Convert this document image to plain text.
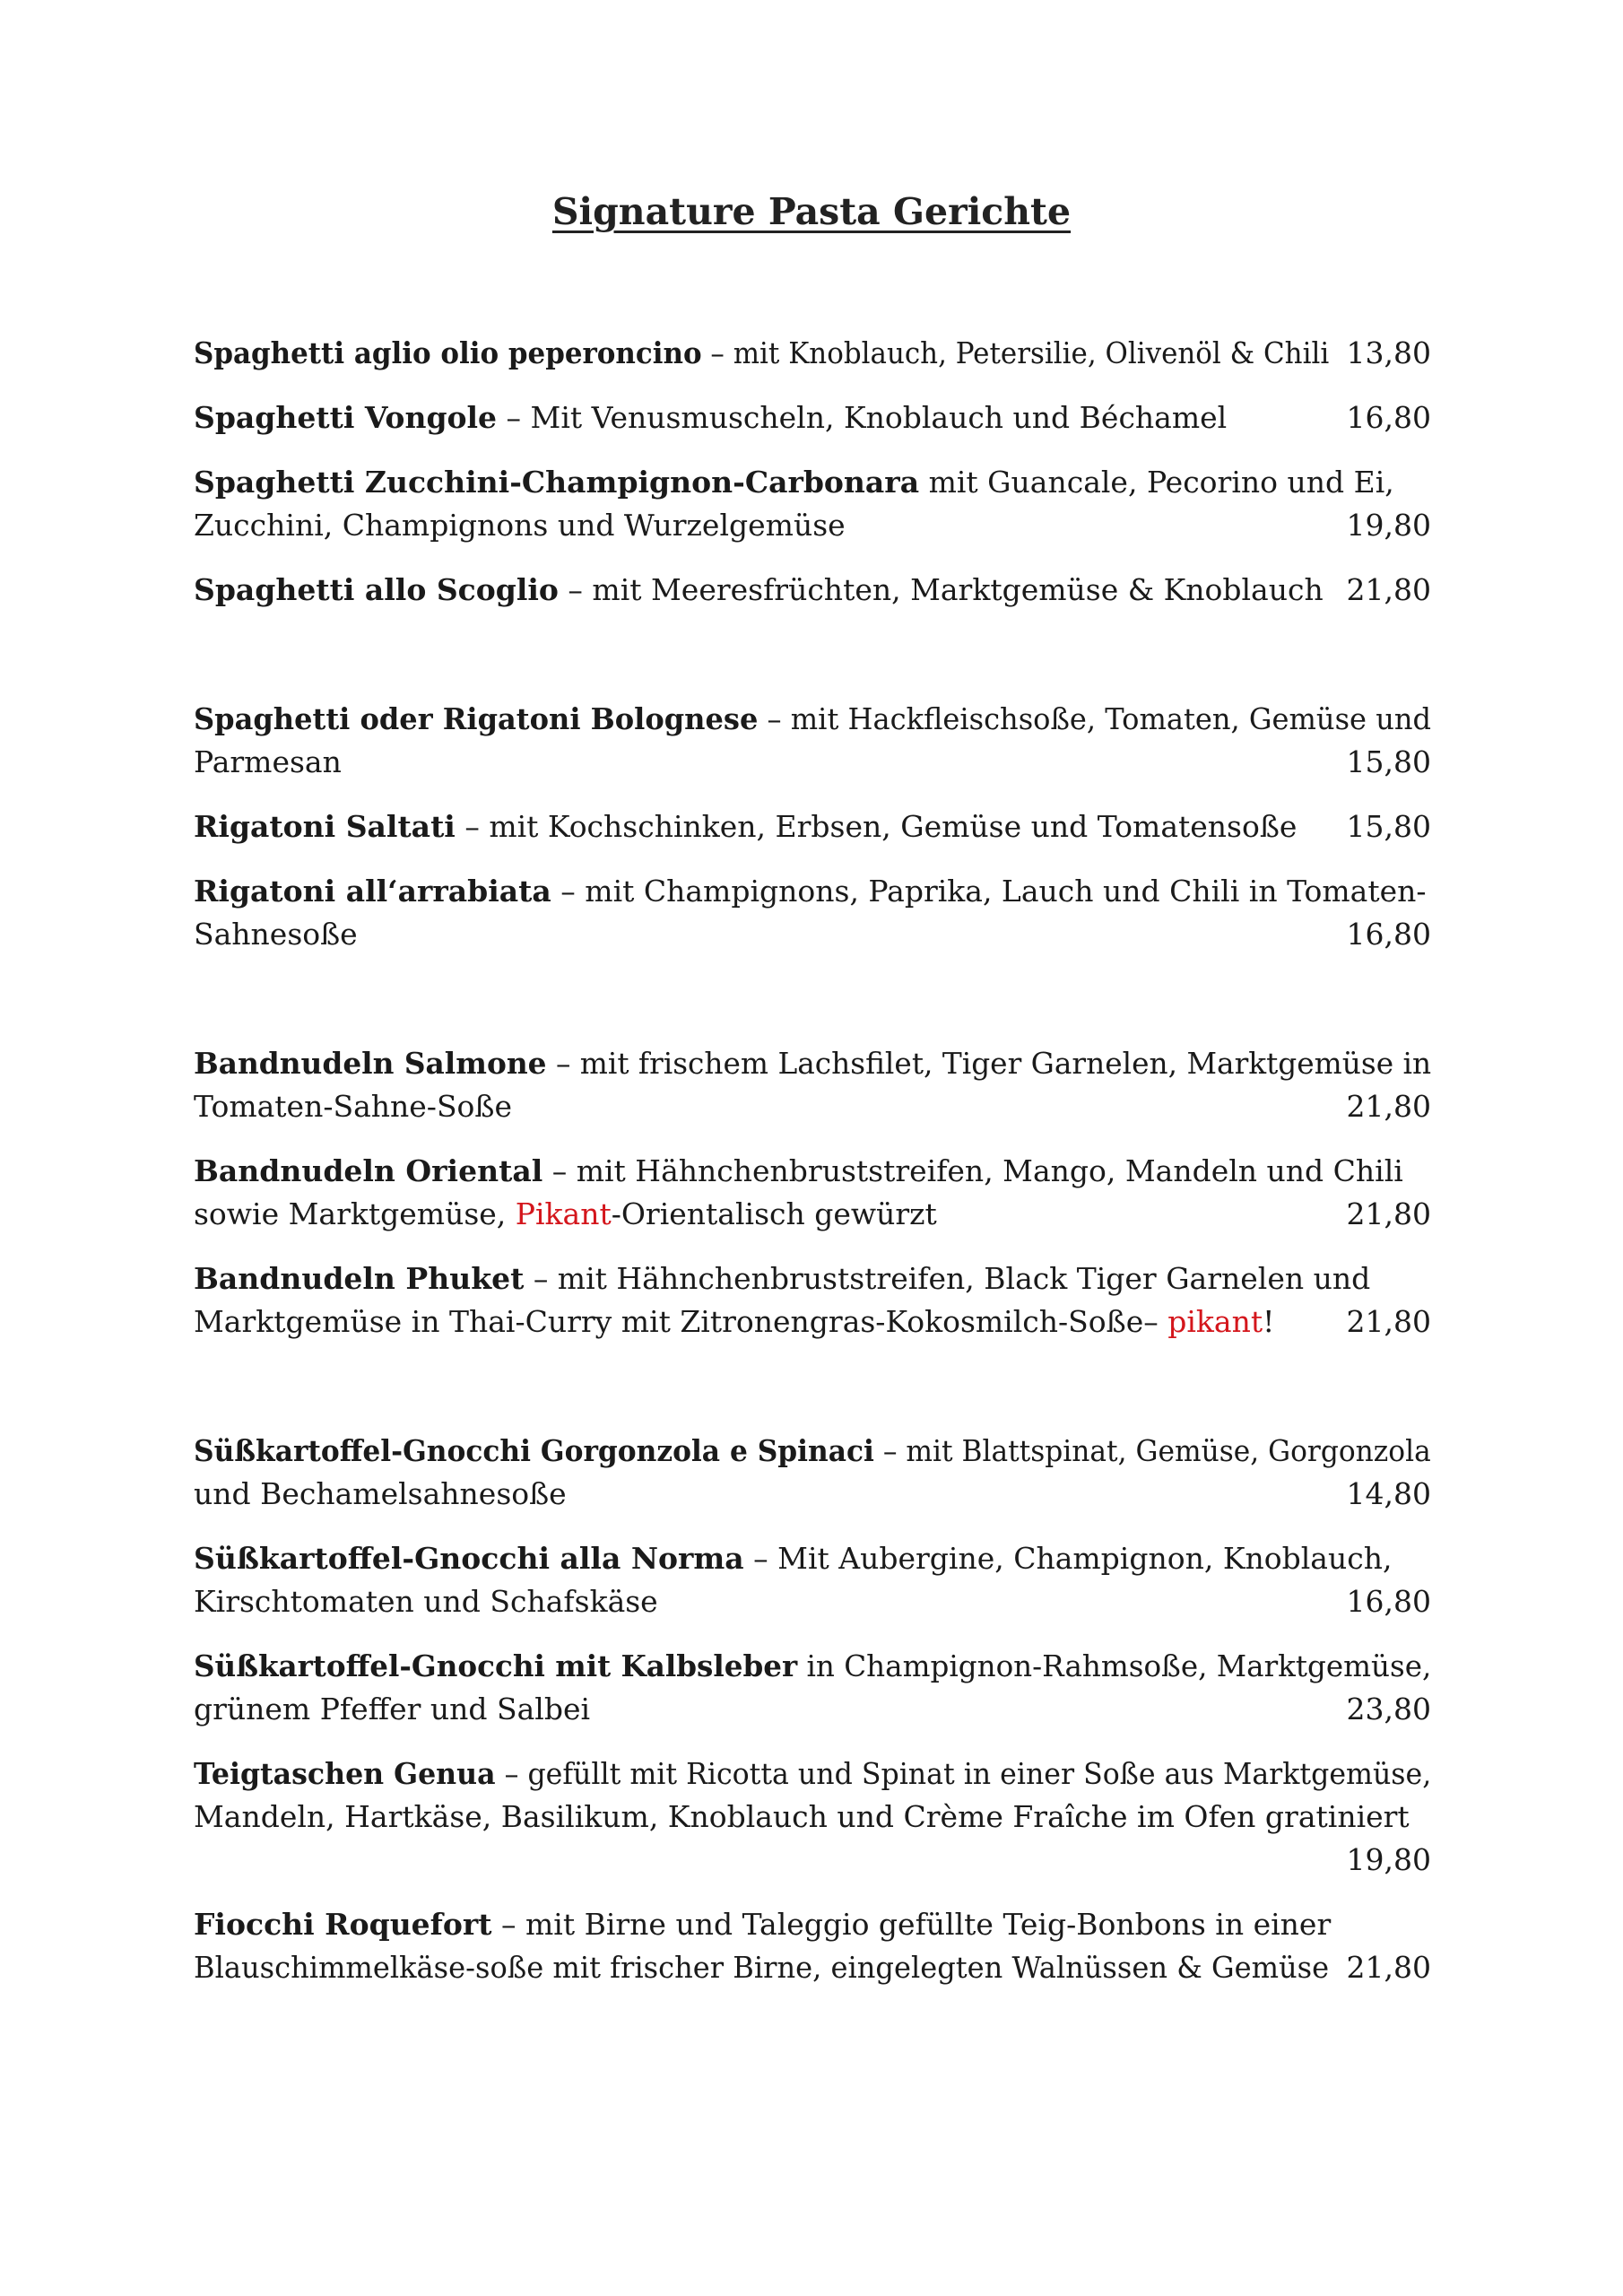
Signature Pasta Gerichte
Spaghetti aglio olio peperoncino – mit Knoblauch, Petersilie, Olivenöl & Chili 13,80
Spaghetti Vongole – Mit Venusmuscheln, Knoblauch und Béchamel	16,80
Spaghetti Zucchini-Champignon-Carbonara mit Guancale, Pecorino und Ei,
Zucchini, Champignons und Wurzelgemüse	19,80
Spaghetti allo Scoglio – mit Meeresfrüchten, Marktgemüse & Knoblauch 21,80
Spaghetti oder Rigatoni Bolognese – mit Hackfleischsoße, Tomaten, Gemüse und
Parmesan	15,80
Rigatoni Saltati – mit Kochschinken, Erbsen, Gemüse und Tomatensoße 15,80
Rigatoni all‘arrabiata – mit Champignons, Paprika, Lauch und Chili in Tomaten-
Sahnesoße	16,80
Bandnudeln Salmone – mit frischem Lachsfilet, Tiger Garnelen, Marktgemüse in
Tomaten-Sahne-Soße	21,80
Bandnudeln Oriental – mit Hähnchenbruststreifen, Mango, Mandeln und Chili
sowie Marktgemüse, Pikant-Orientalisch gewürzt	21,80
Bandnudeln Phuket – mit Hähnchenbruststreifen, Black Tiger Garnelen und
Marktgemüse in Thai-Curry mit Zitronengras-Kokosmilch-Soße– pikant! 21,80
Süßkartoffel-Gnocchi Gorgonzola e Spinaci – mit Blattspinat, Gemüse, Gorgonzola
und Bechamelsahnesoße	14,80
Süßkartoffel-Gnocchi alla Norma – Mit Aubergine, Champignon, Knoblauch,
Kirschtomaten und Schafskäse	16,80
Süßkartoffel-Gnocchi mit Kalbsleber in Champignon-Rahmsoße, Marktgemüse,
grünem Pfeffer und Salbei	23,80
Teigtaschen Genua – gefüllt mit Ricotta und Spinat in einer Soße aus Marktgemüse,
Mandeln, Hartkäse, Basilikum, Knoblauch und Crème Fraîche im Ofen gratiniert
19,80
Fiocchi Roquefort – mit Birne und Taleggio gefüllte Teig-Bonbons in einer
Blauschimmelkäse-soße mit frischer Birne, eingelegten Walnüssen & Gemüse 21,80
